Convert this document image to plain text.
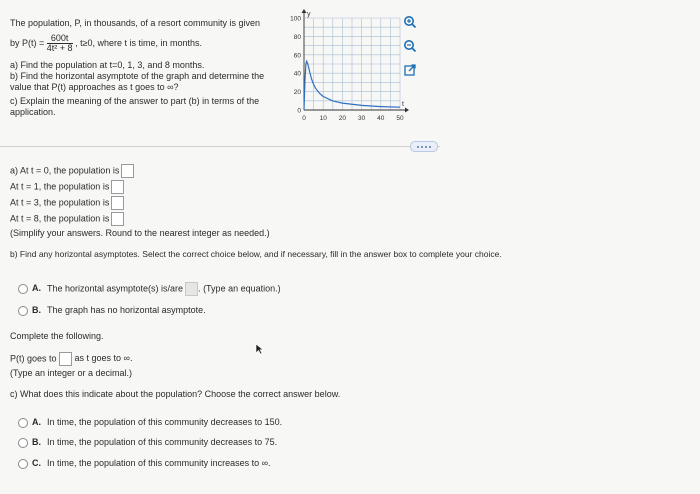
The population, P, in thousands, of a resort community is given
by $P(t) = \frac{600t}{\text{4t² + 8}}$ , t≥0, where t is time, in months.
a) Find the population at t=0, 1, 3, and 8 months.
b) Find the horizontal asymptote of the graph and determine the
value that P(t) approaches as t goes to ∞?
c) Explain the meaning of the answer to part (b) in terms of the
application.
y
t
100
80
60
40
20
0
0 10 20 30 40 50
a) At t = 0, the population is
At t = 1, the population is
At t = 3, the population is
At t = 8, the population is
(Simplify your answers. Round to the nearest integer as needed.)
b) Find any horizontal asymptotes. Select the correct choice below, and if necessary, fill in the answer box to complete your choice.
A. The horizontal asymptote(s) is/are . (Type an equation.)
B. The graph has no horizontal asymptote.
Complete the following.
P(t) goes to as t goes to ∞.
(Type an integer or a decimal.)
c) What does this indicate about the population? Choose the correct answer below.
A. In time, the population of this community decreases to 150.
B. In time, the population of this community decreases to 75.
C. In time, the population of this community increases to ∞.
